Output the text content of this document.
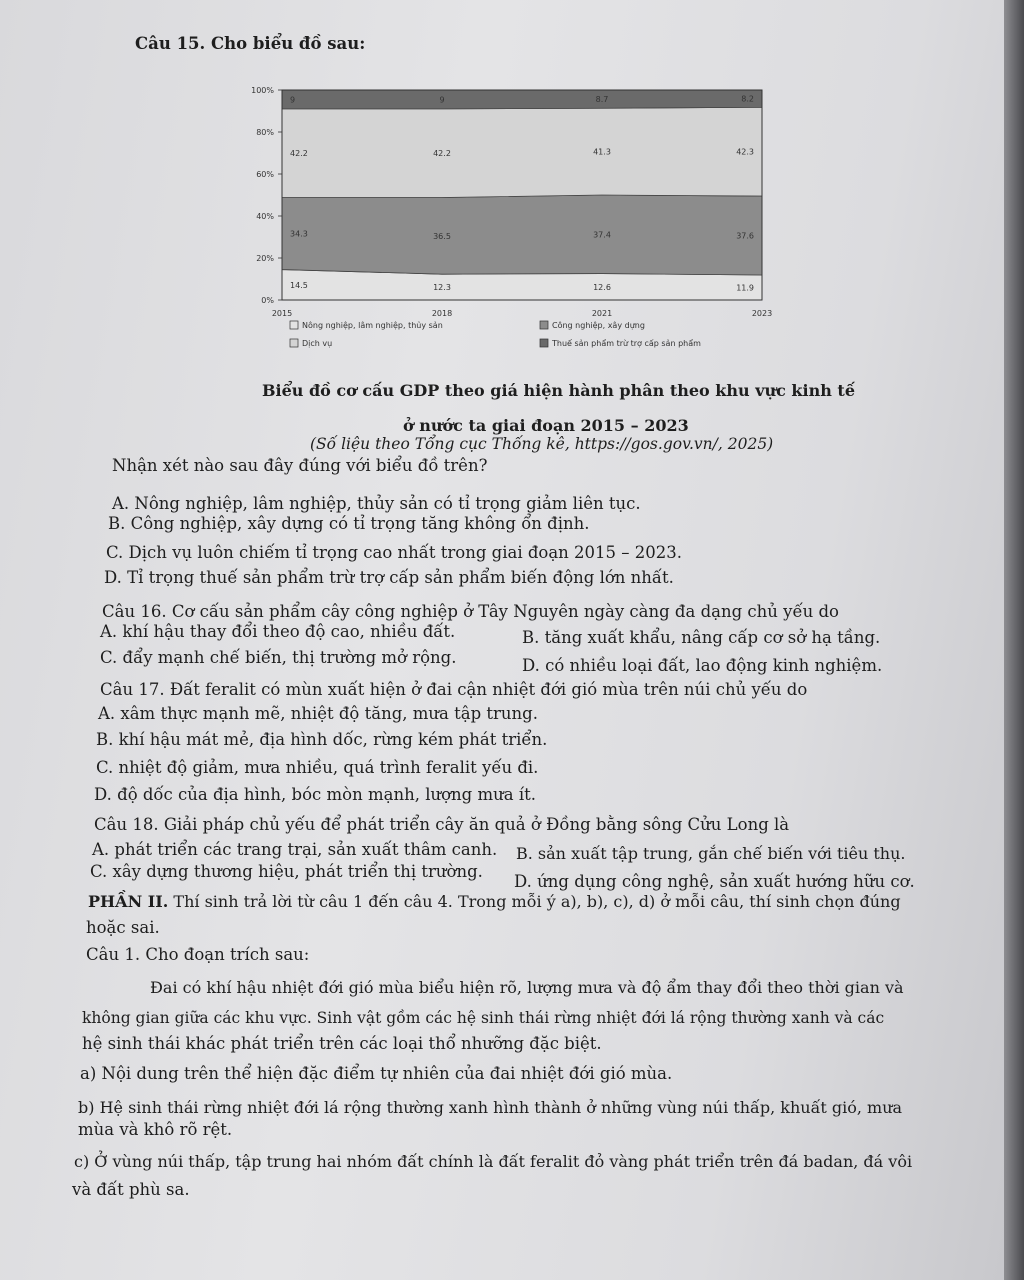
Câu 15. Cho biểu đồ sau:
0%
20%
40%
60%
80%
100%
2015	2018	2021	2023
14.5	12.3	12.6	11.9
34.3	36.5	37.4	37.6
42.2	42.2	41.3	42.3
9	9	8.7	8.2
Nông nghiệp, lâm nghiệp, thủy sản	Công nghiệp, xây dựng
Dịch vụ	Thuế sản phẩm trừ trợ cấp sản phẩm
Biểu đồ cơ cấu GDP theo giá hiện hành phân theo khu vực kinh tế
ở nước ta giai đoạn 2015 – 2023
(Số liệu theo Tổng cục Thống kê, https://gos.gov.vn/, 2025)
Nhận xét nào sau đây đúng với biểu đồ trên?
A. Nông nghiệp, lâm nghiệp, thủy sản có tỉ trọng giảm liên tục.
B. Công nghiệp, xây dựng có tỉ trọng tăng không ổn định.
C. Dịch vụ luôn chiếm tỉ trọng cao nhất trong giai đoạn 2015 – 2023.
D. Tỉ trọng thuế sản phẩm trừ trợ cấp sản phẩm biến động lớn nhất.
Câu 16. Cơ cấu sản phẩm cây công nghiệp ở Tây Nguyên ngày càng đa dạng chủ yếu do
A. khí hậu thay đổi theo độ cao, nhiều đất.	B. tăng xuất khẩu, nâng cấp cơ sở hạ tầng.
C. đẩy mạnh chế biến, thị trường mở rộng.	D. có nhiều loại đất, lao động kinh nghiệm.
Câu 17. Đất feralit có mùn xuất hiện ở đai cận nhiệt đới gió mùa trên núi chủ yếu do
A. xâm thực mạnh mẽ, nhiệt độ tăng, mưa tập trung.
B. khí hậu mát mẻ, địa hình dốc, rừng kém phát triển.
C. nhiệt độ giảm, mưa nhiều, quá trình feralit yếu đi.
D. độ dốc của địa hình, bóc mòn mạnh, lượng mưa ít.
Câu 18. Giải pháp chủ yếu để phát triển cây ăn quả ở Đồng bằng sông Cửu Long là
A. phát triển các trang trại, sản xuất thâm canh. B. sản xuất tập trung, gắn chế biến với tiêu thụ.
C. xây dựng thương hiệu, phát triển thị trường.
D. ứng dụng công nghệ, sản xuất hướng hữu cơ.
PHẦN II. Thí sinh trả lời từ câu 1 đến câu 4. Trong mỗi ý a), b), c), d) ở mỗi câu, thí sinh chọn đúng
hoặc sai.
Câu 1. Cho đoạn trích sau:
Đai có khí hậu nhiệt đới gió mùa biểu hiện rõ, lượng mưa và độ ẩm thay đổi theo thời gian và
không gian giữa các khu vực. Sinh vật gồm các hệ sinh thái rừng nhiệt đới lá rộng thường xanh và các
hệ sinh thái khác phát triển trên các loại thổ nhưỡng đặc biệt.
a) Nội dung trên thể hiện đặc điểm tự nhiên của đai nhiệt đới gió mùa.
b) Hệ sinh thái rừng nhiệt đới lá rộng thường xanh hình thành ở những vùng núi thấp, khuất gió, mưa
mùa và khô rõ rệt.
c) Ở vùng núi thấp, tập trung hai nhóm đất chính là đất feralit đỏ vàng phát triển trên đá badan, đá vôi
và đất phù sa.
